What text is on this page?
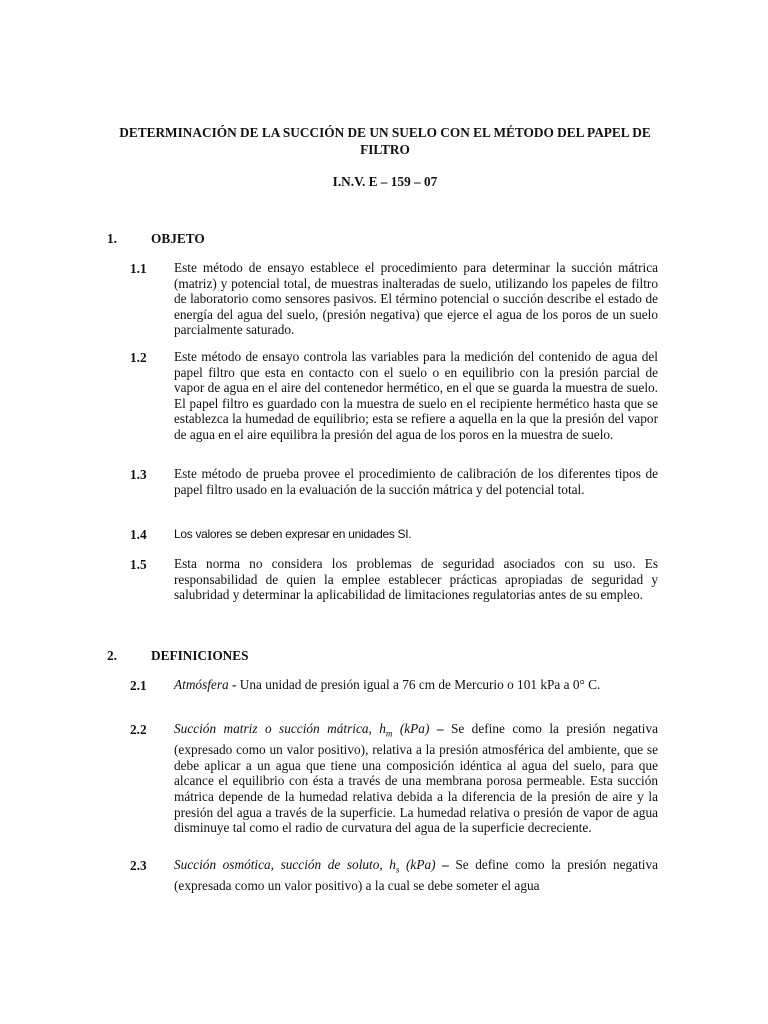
DETERMINACIÓN DE LA SUCCIÓN DE UN SUELO CON EL MÉTODO DEL PAPEL DE FILTRO
I.N.V. E – 159 – 07
1.	OBJETO
1.1 Este método de ensayo establece el procedimiento para determinar la succión mátrica (matriz) y potencial total, de muestras inalteradas de suelo, utilizando los papeles de filtro de laboratorio como sensores pasivos. El término potencial o succión describe el estado de energía del agua del suelo, (presión negativa) que ejerce el agua de los poros de un suelo parcialmente saturado.
1.2 Este método de ensayo controla las variables para la medición del contenido de agua del papel filtro que esta en contacto con el suelo o en equilibrio con la presión parcial de vapor de agua en el aire del contenedor hermético, en el que se guarda la muestra de suelo. El papel filtro es guardado con la muestra de suelo en el recipiente hermético hasta que se establezca la humedad de equilibrio; esta se refiere a aquella en la que la presión del vapor de agua en el aire equilibra la presión del agua de los poros en la muestra de suelo.
1.3 Este método de prueba provee el procedimiento de calibración de los diferentes tipos de papel filtro usado en la evaluación de la succión mátrica y del potencial total.
1.4 Los valores se deben expresar en unidades SI.
1.5 Esta norma no considera los problemas de seguridad asociados con su uso. Es responsabilidad de quien la emplee establecer prácticas apropiadas de seguridad y salubridad y determinar la aplicabilidad de limitaciones regulatorias antes de su empleo.
2.	DEFINICIONES
2.1 Atmósfera - Una unidad de presión igual a 76 cm de Mercurio o 101 kPa a 0° C.
2.2 Succión matriz o succión mátrica, $h_m$ (kPa) – Se define como la presión negativa (expresado como un valor positivo), relativa a la presión atmosférica del ambiente, que se debe aplicar a un agua que tiene una composición idéntica al agua del suelo, para que alcance el equilibrio con ésta a través de una membrana porosa permeable. Esta succión mátrica depende de la humedad relativa debida a la diferencia de la presión de aire y la presión del agua a través de la superficie. La humedad relativa o presión de vapor de agua disminuye tal como el radio de curvatura del agua de la superficie decreciente.
2.3 Succión osmótica, succión de soluto, $h_s$ (kPa) – Se define como la presión negativa (expresada como un valor positivo) a la cual se debe someter el agua
